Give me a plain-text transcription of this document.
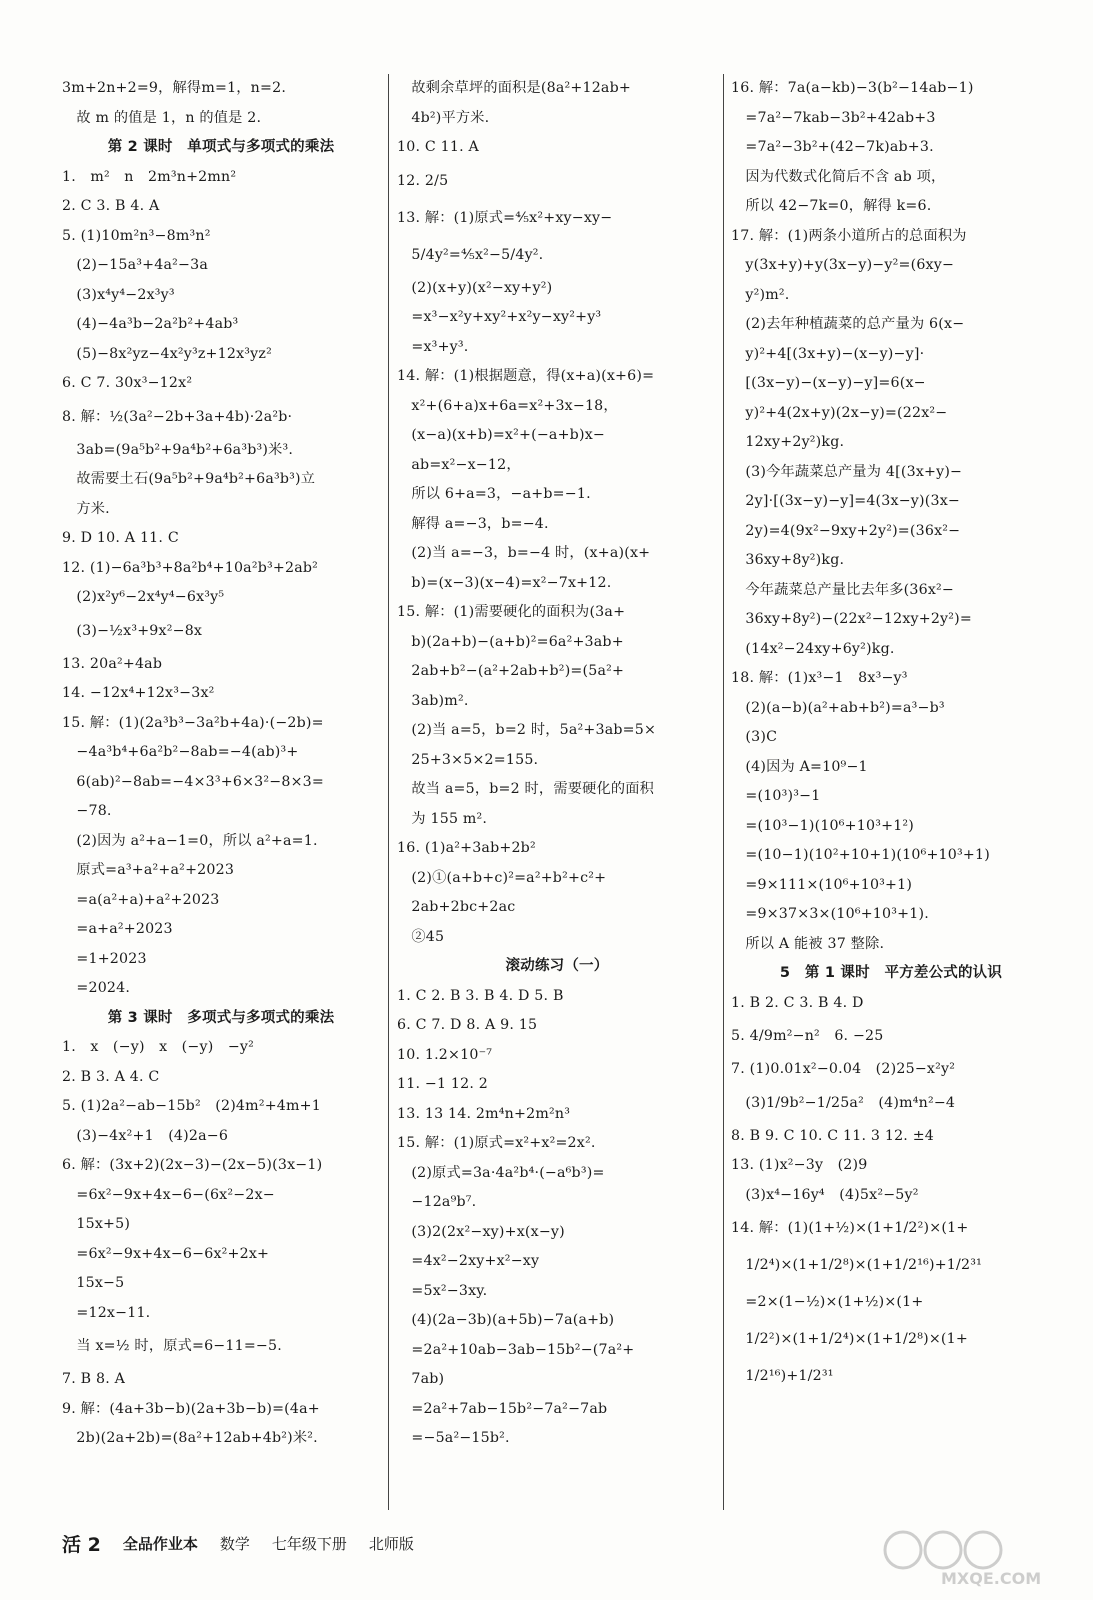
3m+2n+2=9，解得m=1，n=2.
　故 m 的值是 1，n 的值是 2.
第 2 课时　单项式与多项式的乘法
1.　m²　n　2m³n+2mn²
2. C 3. B 4. A
5. (1)10m²n³−8m³n²
　(2)−15a³+4a²−3a
　(3)x⁴y⁴−2x³y³
　(4)−4a³b−2a²b²+4ab³
　(5)−8x²yz−4x²y³z+12x³yz²
6. C 7. 30x³−12x²
8. 解：½(3a²−2b+3a+4b)·2a²b·
　3ab=(9a⁵b²+9a⁴b²+6a³b³)米³.
　故需要土石(9a⁵b²+9a⁴b²+6a³b³)立
　方米.
9. D 10. A 11. C
12. (1)−6a³b³+8a²b⁴+10a²b³+2ab²
　(2)x²y⁶−2x⁴y⁴−6x³y⁵
　(3)−½x³+9x²−8x
13. 20a²+4ab
14. −12x⁴+12x³−3x²
15. 解：(1)(2a³b³−3a²b+4a)·(−2b)=
　−4a³b⁴+6a²b²−8ab=−4(ab)³+
　6(ab)²−8ab=−4×3³+6×3²−8×3=
　−78.
　(2)因为 a²+a−1=0，所以 a²+a=1.
　原式=a³+a²+a²+2023
　=a(a²+a)+a²+2023
　=a+a²+2023
　=1+2023
　=2024.
第 3 课时　多项式与多项式的乘法
1.　x　(−y)　x　(−y)　−y²
2. B 3. A 4. C
5. (1)2a²−ab−15b²　(2)4m²+4m+1
　(3)−4x²+1　(4)2a−6
6. 解：(3x+2)(2x−3)−(2x−5)(3x−1)
　=6x²−9x+4x−6−(6x²−2x−
　15x+5)
　=6x²−9x+4x−6−6x²+2x+
　15x−5
　=12x−11.
　当 x=½ 时，原式=6−11=−5.
7. B 8. A
9. 解：(4a+3b−b)(2a+3b−b)=(4a+
　2b)(2a+2b)=(8a²+12ab+4b²)米².
　故剩余草坪的面积是(8a²+12ab+
　4b²)平方米.
10. C 11. A
12. 2/5
13. 解：(1)原式=⅘x²+xy−xy−
　5/4y²=⅘x²−5/4y².
　(2)(x+y)(x²−xy+y²)
　=x³−x²y+xy²+x²y−xy²+y³
　=x³+y³.
14. 解：(1)根据题意，得(x+a)(x+6)=
　x²+(6+a)x+6a=x²+3x−18，
　(x−a)(x+b)=x²+(−a+b)x−
　ab=x²−x−12，
　所以 6+a=3，−a+b=−1.
　解得 a=−3，b=−4.
　(2)当 a=−3，b=−4 时，(x+a)(x+
　b)=(x−3)(x−4)=x²−7x+12.
15. 解：(1)需要硬化的面积为(3a+
　b)(2a+b)−(a+b)²=6a²+3ab+
　2ab+b²−(a²+2ab+b²)=(5a²+
　3ab)m².
　(2)当 a=5，b=2 时，5a²+3ab=5×
　25+3×5×2=155.
　故当 a=5，b=2 时，需要硬化的面积
　为 155 m².
16. (1)a²+3ab+2b²
　(2)①(a+b+c)²=a²+b²+c²+
　2ab+2bc+2ac
　②45
滚动练习（一）
1. C 2. B 3. B 4. D 5. B
6. C 7. D 8. A 9. 15
10. 1.2×10⁻⁷
11. −1 12. 2
13. 13 14. 2m⁴n+2m²n³
15. 解：(1)原式=x²+x²=2x².
　(2)原式=3a·4a²b⁴·(−a⁶b³)=
　−12a⁹b⁷.
　(3)2(2x²−xy)+x(x−y)
　=4x²−2xy+x²−xy
　=5x²−3xy.
　(4)(2a−3b)(a+5b)−7a(a+b)
　=2a²+10ab−3ab−15b²−(7a²+
　7ab)
　=2a²+7ab−15b²−7a²−7ab
　=−5a²−15b².
16. 解：7a(a−kb)−3(b²−14ab−1)
　=7a²−7kab−3b²+42ab+3
　=7a²−3b²+(42−7k)ab+3.
　因为代数式化简后不含 ab 项，
　所以 42−7k=0，解得 k=6.
17. 解：(1)两条小道所占的总面积为
　y(3x+y)+y(3x−y)−y²=(6xy−
　y²)m².
　(2)去年种植蔬菜的总产量为 6(x−
　y)²+4[(3x+y)−(x−y)−y]·
　[(3x−y)−(x−y)−y]=6(x−
　y)²+4(2x+y)(2x−y)=(22x²−
　12xy+2y²)kg.
　(3)今年蔬菜总产量为 4[(3x+y)−
　2y]·[(3x−y)−y]=4(3x−y)(3x−
　2y)=4(9x²−9xy+2y²)=(36x²−
　36xy+8y²)kg.
　今年蔬菜总产量比去年多(36x²−
　36xy+8y²)−(22x²−12xy+2y²)=
　(14x²−24xy+6y²)kg.
18. 解：(1)x³−1　8x³−y³
　(2)(a−b)(a²+ab+b²)=a³−b³
　(3)C
　(4)因为 A=10⁹−1
　=(10³)³−1
　=(10³−1)(10⁶+10³+1²)
　=(10−1)(10²+10+1)(10⁶+10³+1)
　=9×111×(10⁶+10³+1)
　=9×37×3×(10⁶+10³+1).
　所以 A 能被 37 整除.
5　第 1 课时　平方差公式的认识
1. B 2. C 3. B 4. D
5. 4/9m²−n²　6. −25
7. (1)0.01x²−0.04　(2)25−x²y²
　(3)1/9b²−1/25a²　(4)m⁴n²−4
8. B 9. C 10. C 11. 3 12. ±4
13. (1)x²−3y　(2)9
　(3)x⁴−16y⁴　(4)5x²−5y²
14. 解：(1)(1+½)×(1+1/2²)×(1+
　1/2⁴)×(1+1/2⁸)×(1+1/2¹⁶)+1/2³¹
　=2×(1−½)×(1+½)×(1+
　1/2²)×(1+1/2⁴)×(1+1/2⁸)×(1+
　1/2¹⁶)+1/2³¹
活 2 全品作业本 数学 七年级下册 北师版
MXQE.COM
